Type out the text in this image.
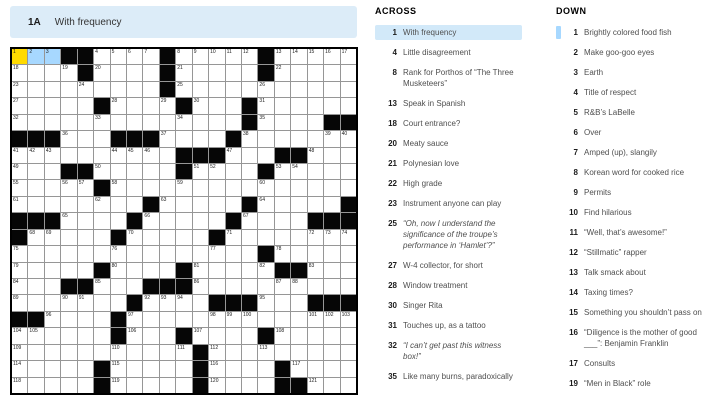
1A With frequency
1	2	3	4	5	6	7	8	9	10 11 12	13 14 15 16 17
18	19	20	21	22
23	24	25	26
27	28	29	30	31
32	33	34	35
36	37	38	39 40
41 42 43	44 45 46	47	48
49	50	51 52	53 54
55	56 57	58	59	60
61	62	63	64
65	66	67
68 69	70	71	72 73 74
75	76	77	78
79	80	81	82	83
84	85	86	87 88
89	90 91	92 93 94	95
96	97	98 99 100	101 102 103
104 105	106	107	108
109	110	111	112	113
114	115	116	117
118	119	120	121
ACROSS
1 With frequency
4 Little disagreement
8 Rank for Porthos of “The Three Musketeers”
13 Speak in Spanish
18 Court entrance?
20 Meaty sauce
21 Polynesian love
22 High grade
23 Instrument anyone can play
25 “Oh, now I understand the significance of the troupe’s performance in ‘Hamlet’?”
27 W-4 collector, for short
28 Window treatment
30 Singer Rita
31 Touches up, as a tattoo
32 “I can’t get past this witness box!”
35 Like many burns, paradoxically
DOWN
1 Brightly colored food fish
2 Make goo-goo eyes
3 Earth
4 Title of respect
5 R&B’s LaBelle
6 Over
7 Amped (up), slangily
8 Korean word for cooked rice
9 Permits
10 Find hilarious
11 “Well, that’s awesome!”
12 “Stillmatic” rapper
13 Talk smack about
14 Taxing times?
15 Something you shouldn’t pass on
16 “Diligence is the mother of good ___”: Benjamin Franklin
17 Consults
19 “Men in Black” role
